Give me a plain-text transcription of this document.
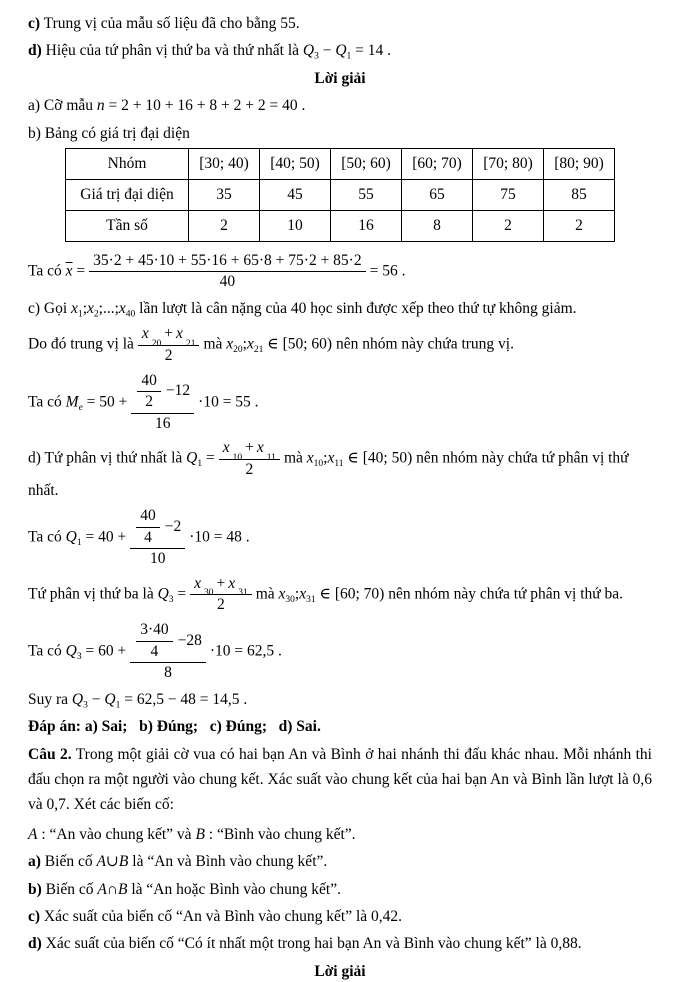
c) Trung vị của mẫu số liệu đã cho bằng 55.

d) Hiệu của tứ phân vị thứ ba và thứ nhất là $Q_3 - Q_1 = 14$ .

Lời giải

a) Cỡ mẫu n = 2 + 10 + 16 + 8 + 2 + 2 = 40 .

b) Bảng có giá trị đại diện

Nhóm	[30; 40)	[40; 50)	[50; 60)	[60; 70)	[70; 80)	[80; 90)
Giá trị đại diện	35	45	55	65	75	85
Tần số	2	10	16	8	2	2

Ta có $\overline{x} = \frac{35\cdot 2 + 45\cdot 10 + 55\cdot 16 + 65\cdot 8 + 75\cdot 2 + 85\cdot 2}{40} = 56$ .

c) Gọi $x_1;x_2;...;x_{40}$ lần lượt là cân nặng của 40 học sinh được xếp theo thứ tự không giảm.

Do đó trung vị là x
20
+ x
21
2 mà $x_{20};x_{21}$ ∈ [50; 60) nên nhóm này chứa trung vị.

Ta có $M_e = 50 + \frac{\frac{40}{2} -12}{16} \cdot 10 = 55$ .

d) Tứ phân vị thứ nhất là $Q_1 = x$
10
+ x
11
2 mà $x_{10};x_{11}$ ∈ [40; 50) nên nhóm này chứa tứ phân vị thứ nhất.

Ta có $Q_1 = 40 + \frac{\frac{40}{4} -2}{10} \cdot 10 = 48$ .

Tứ phân vị thứ ba là $Q_3 = x$
30
+ x
31
2 mà $x_{30};x_{31}$ ∈ [60; 70) nên nhóm này chứa tứ phân vị thứ ba.

Ta có $Q_3 = 60 + \frac{\frac{3\cdot 40}{4} -28}{8} \cdot 10 = 62,5$ .

Suy ra $Q_3 - Q_1 = 62,5 - 48 = 14,5$ .

Đáp án: a) Sai;   b) Đúng;   c) Đúng;   d) Sai.

Câu 2. Trong một giải cờ vua có hai bạn An và Bình ở hai nhánh thi đấu khác nhau. Mỗi nhánh thi đấu chọn ra một người vào chung kết. Xác suất vào chung kết của hai bạn An và Bình lần lượt là 0,6 và 0,7. Xét các biến cố:

A : “An vào chung kết” và B : “Bình vào chung kết”.

a) Biến cố A∪B là “An và Bình vào chung kết”.

b) Biến cố A∩B là “An hoặc Bình vào chung kết”.

c) Xác suất của biến cố “An và Bình vào chung kết” là 0,42.

d) Xác suất của biến cố “Có ít nhất một trong hai bạn An và Bình vào chung kết” là 0,88.

Lời giải
